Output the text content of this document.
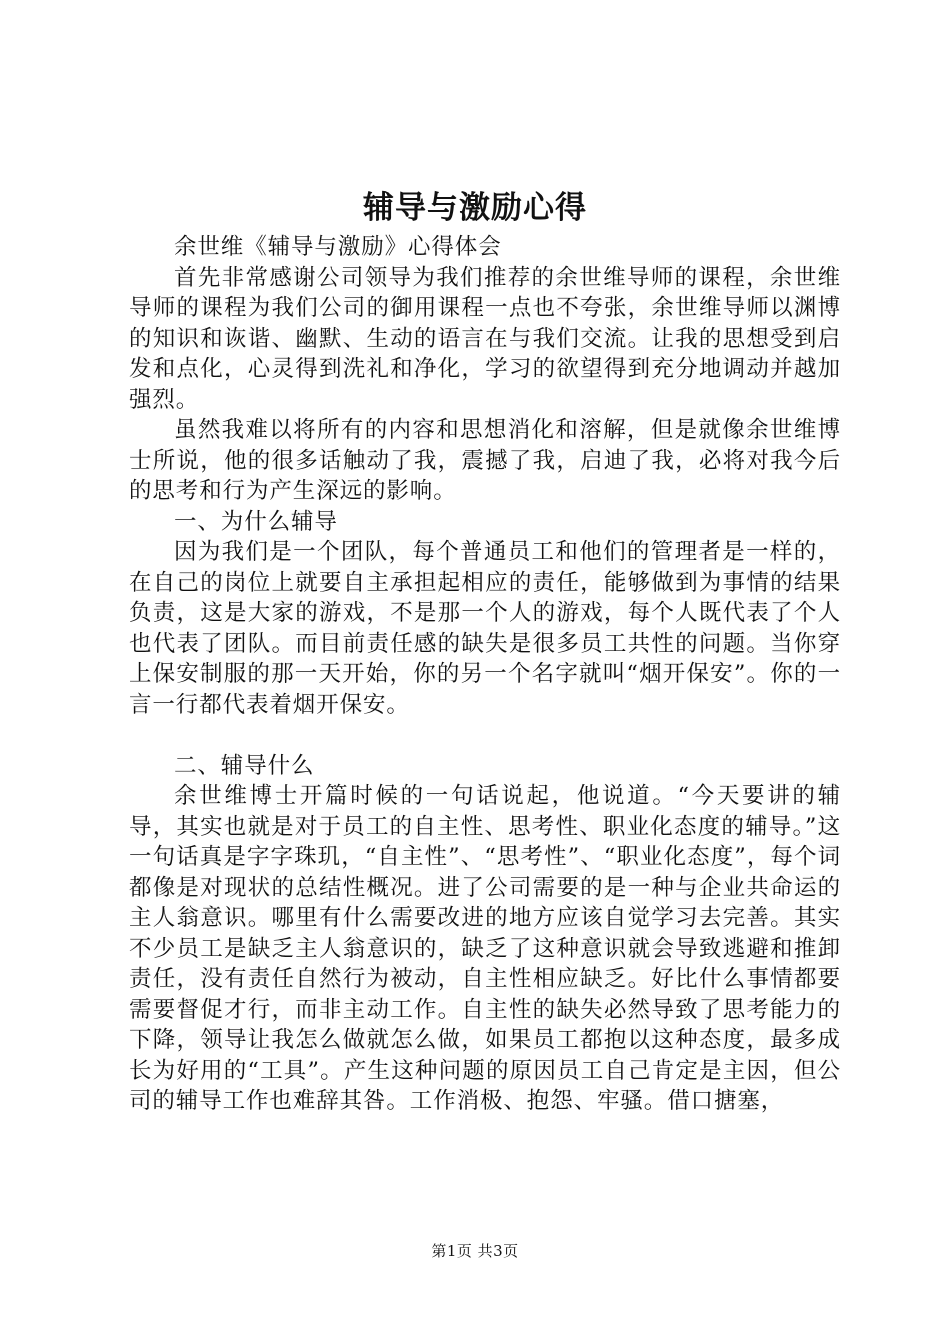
辅导与激励心得

余世维《辅导与激励》心得体会

首先非常感谢公司领导为我们推荐的余世维导师的课程，余世维导师的课程为我们公司的御用课程一点也不夸张，余世维导师以渊博的知识和诙谐、幽默、生动的语言在与我们交流。让我的思想受到启发和点化，心灵得到洗礼和净化，学习的欲望得到充分地调动并越加强烈。

虽然我难以将所有的内容和思想消化和溶解，但是就像余世维博士所说，他的很多话触动了我，震撼了我，启迪了我，必将对我今后的思考和行为产生深远的影响。

一、为什么辅导

因为我们是一个团队，每个普通员工和他们的管理者是一样的，在自己的岗位上就要自主承担起相应的责任，能够做到为事情的结果负责，这是大家的游戏，不是那一个人的游戏，每个人既代表了个人也代表了团队。而目前责任感的缺失是很多员工共性的问题。当你穿上保安制服的那一天开始，你的另一个名字就叫“烟开保安”。你的一言一行都代表着烟开保安。

二、辅导什么

余世维博士开篇时候的一句话说起，他说道。“今天要讲的辅导，其实也就是对于员工的自主性、思考性、职业化态度的辅导。”这一句话真是字字珠玑，“自主性”、“思考性”、“职业化态度”，每个词都像是对现状的总结性概况。进了公司需要的是一种与企业共命运的主人翁意识。哪里有什么需要改进的地方应该自觉学习去完善。其实不少员工是缺乏主人翁意识的，缺乏了这种意识就会导致逃避和推卸责任，没有责任自然行为被动，自主性相应缺乏。好比什么事情都要需要督促才行，而非主动工作。自主性的缺失必然导致了思考能力的下降，领导让我怎么做就怎么做，如果员工都抱以这种态度，最多成长为好用的“工具”。产生这种问题的原因员工自己肯定是主因，但公司的辅导工作也难辞其咎。工作消极、抱怨、牢骚。借口搪塞，

第1页 共3页
